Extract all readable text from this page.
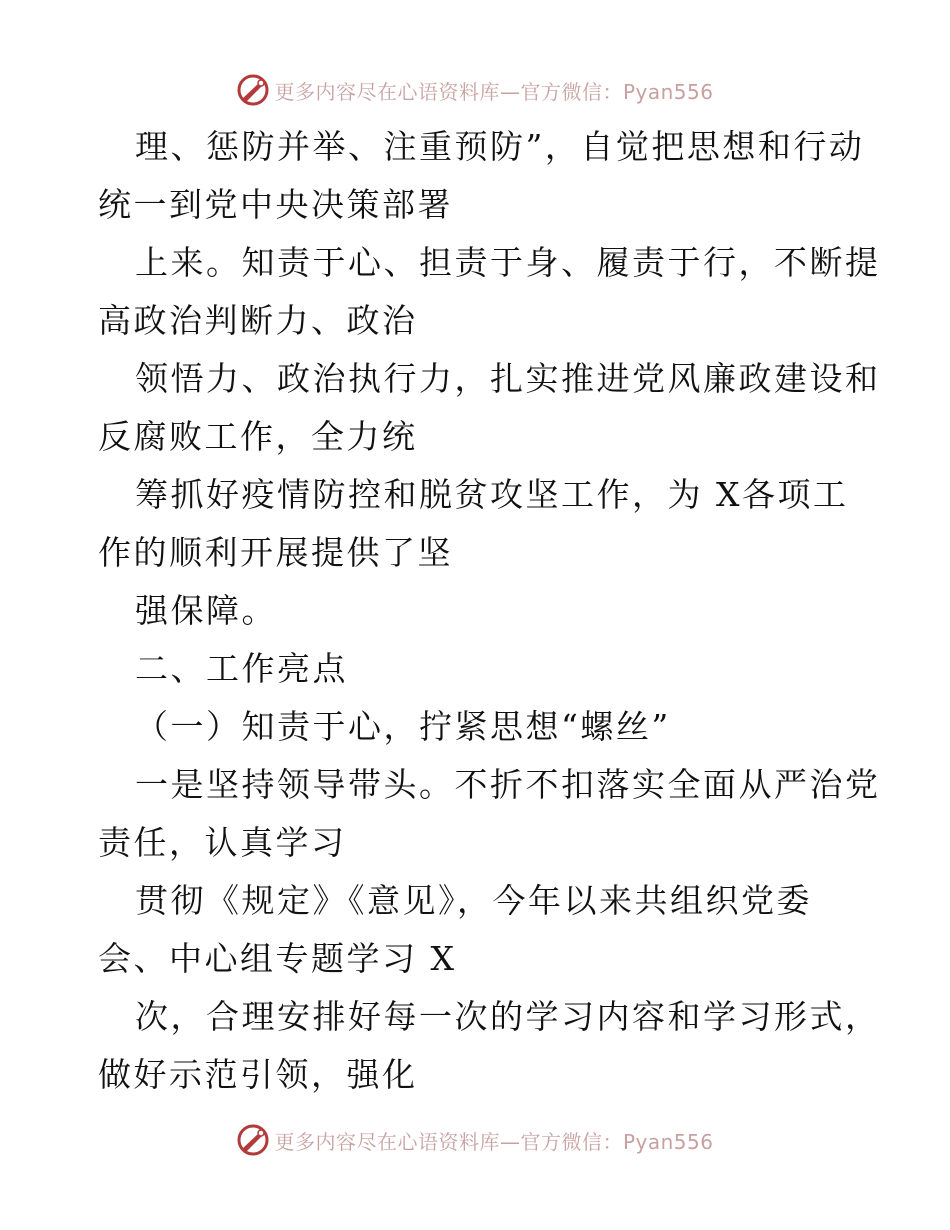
更多内容尽在心语资料库—官方微信：Pyan556
理、惩防并举、注重预防”，自觉把思想和行动
统一到党中央决策部署
上来。知责于心、担责于身、履责于行，不断提
高政治判断力、政治
领悟力、政治执行力，扎实推进党风廉政建设和
反腐败工作，全力统
筹抓好疫情防控和脱贫攻坚工作，为 X各项工
作的顺利开展提供了坚
强保障。
二、工作亮点
（一）知责于心，拧紧思想“螺丝”
一是坚持领导带头。不折不扣落实全面从严治党
责任，认真学习
贯彻《规定》《意见》，今年以来共组织党委
会、中心组专题学习 X
次，合理安排好每一次的学习内容和学习形式，
做好示范引领，强化
更多内容尽在心语资料库—官方微信：Pyan556
